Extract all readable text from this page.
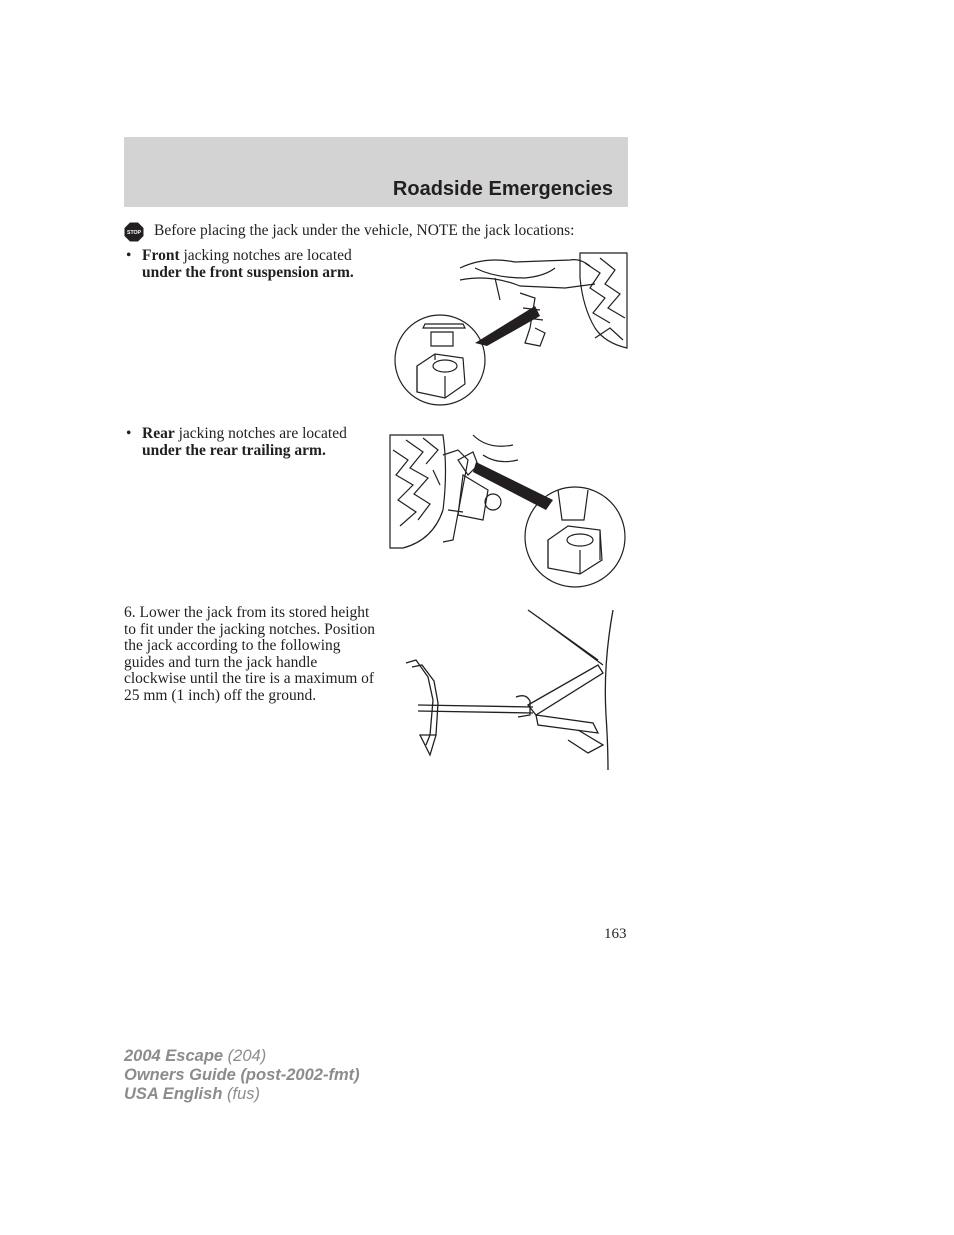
Roadside Emergencies
STOP Before placing the jack under the vehicle, NOTE the jack locations:
• Front jacking notches are located under the front suspension arm.
• Rear jacking notches are located under the rear trailing arm.
6. Lower the jack from its stored height to fit under the jacking notches. Position the jack according to the following guides and turn the jack handle clockwise until the tire is a maximum of 25 mm (1 inch) off the ground.
163
2004 Escape (204)
Owners Guide (post-2002-fmt)
USA English (fus)
